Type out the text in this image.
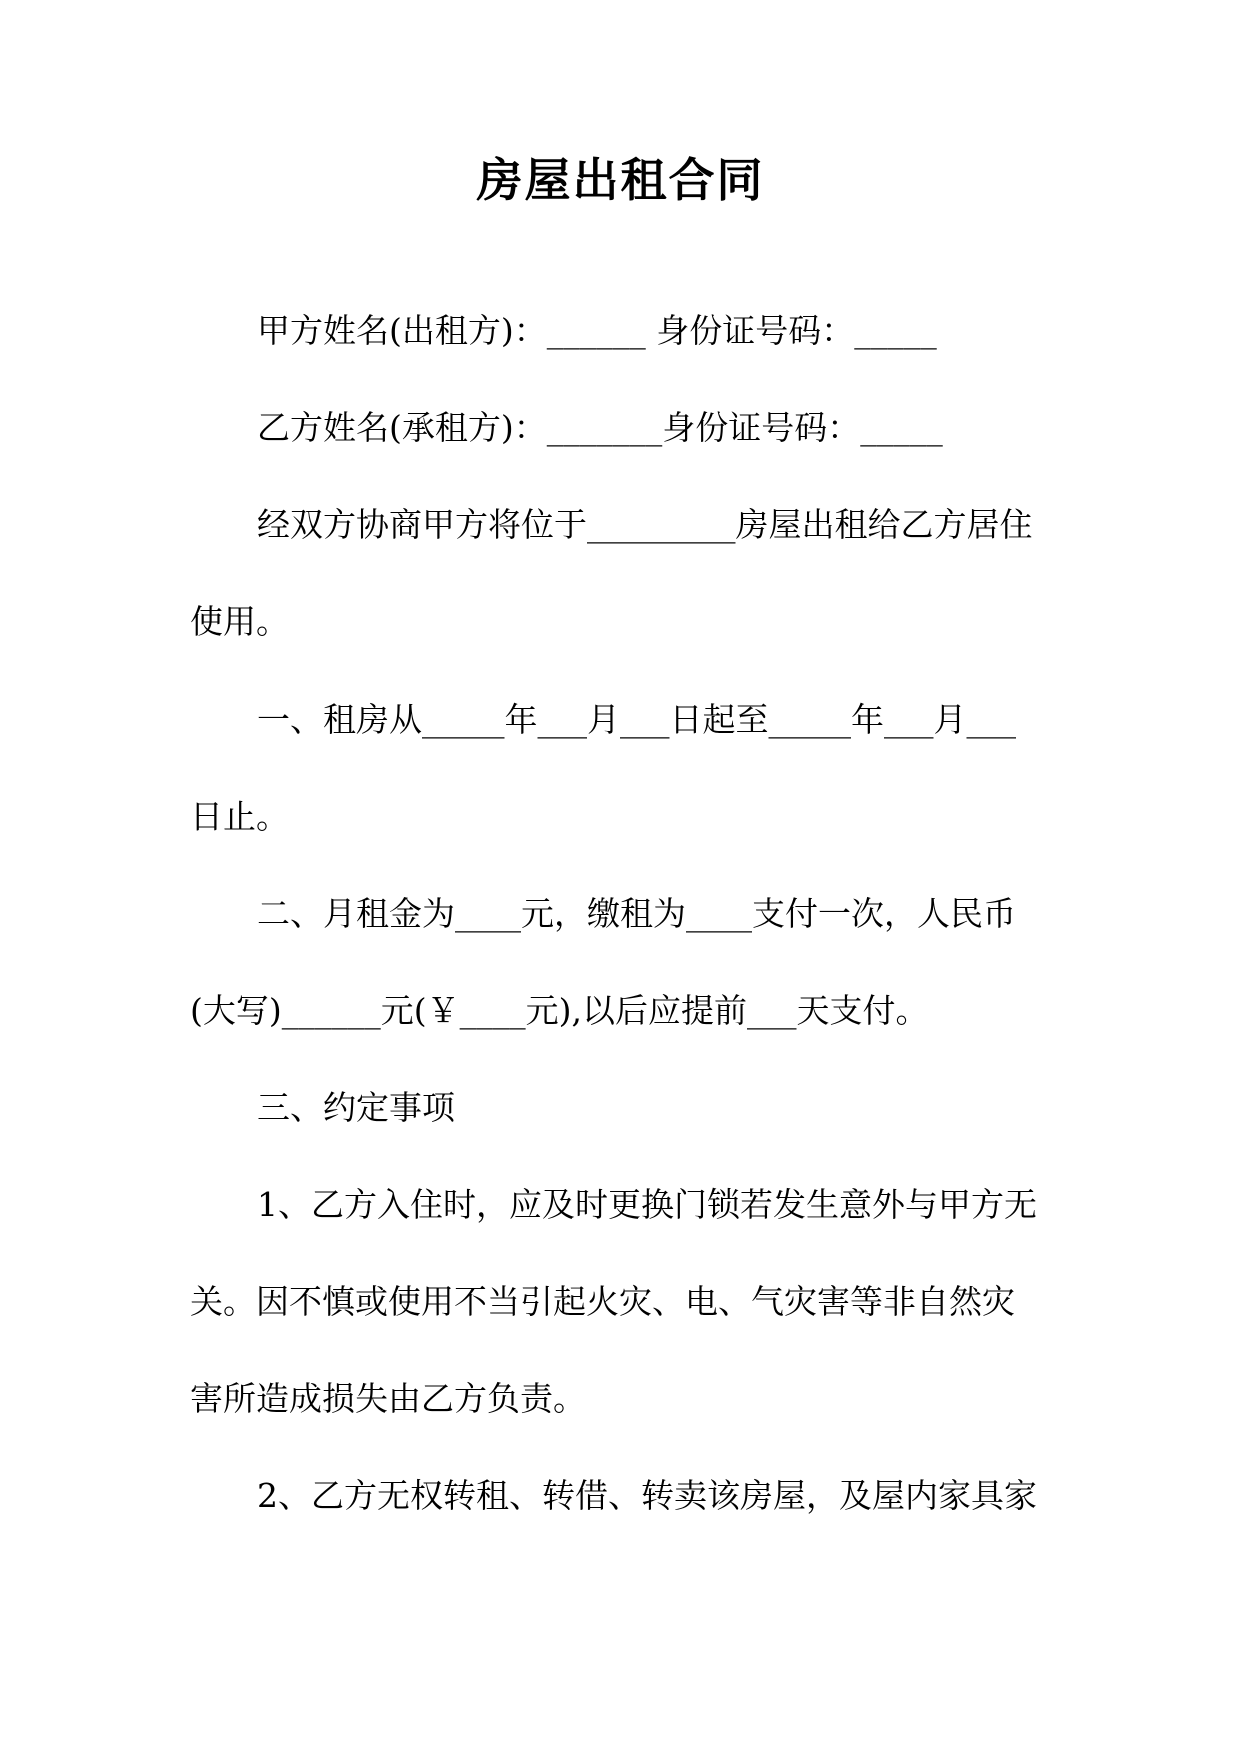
房屋出租合同

甲方姓名(出租方)：______ 身份证号码：_____

乙方姓名(承租方)：_______身份证号码：_____

经双方协商甲方将位于_________房屋出租给乙方居住

使用。

一、租房从_____年___月___日起至_____年___月___

日止。

二、月租金为____元，缴租为____支付一次，人民币

(大写)______元(￥____元),以后应提前___天支付。

三、约定事项

1、乙方入住时，应及时更换门锁若发生意外与甲方无

关。因不慎或使用不当引起火灾、电、气灾害等非自然灾

害所造成损失由乙方负责。

2、乙方无权转租、转借、转卖该房屋，及屋内家具家
